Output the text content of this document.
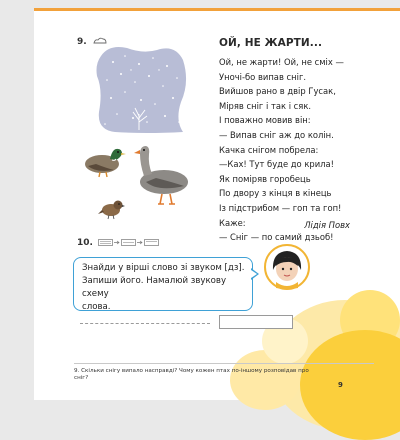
9.	ОЙ, НЕ ЖАРТИ...
Ой, не жарти! Ой, не сміх —
Уночі-бо випав сніг.
Вийшов рано в двір Гусак,
Міряв сніг і так і сяк.
І поважно мовив він:
— Випав сніг аж до колін.
Качка снігом побрела:
—Ках! Тут буде до крила!
Як поміряв горобець
По двору з кінця в кінець
Із підстрибом — гоп та гоп!
Каже:
— Сніг — по самий дзьоб!
Лідія Повх
10.
Знайди у вірші слово зі звуком [дз].
Запиши його. Намалюй звукову схему
слова.
9. Скільки снігу випало насправді? Чому кожен птах по-іншому розповідав про сніг?
9
